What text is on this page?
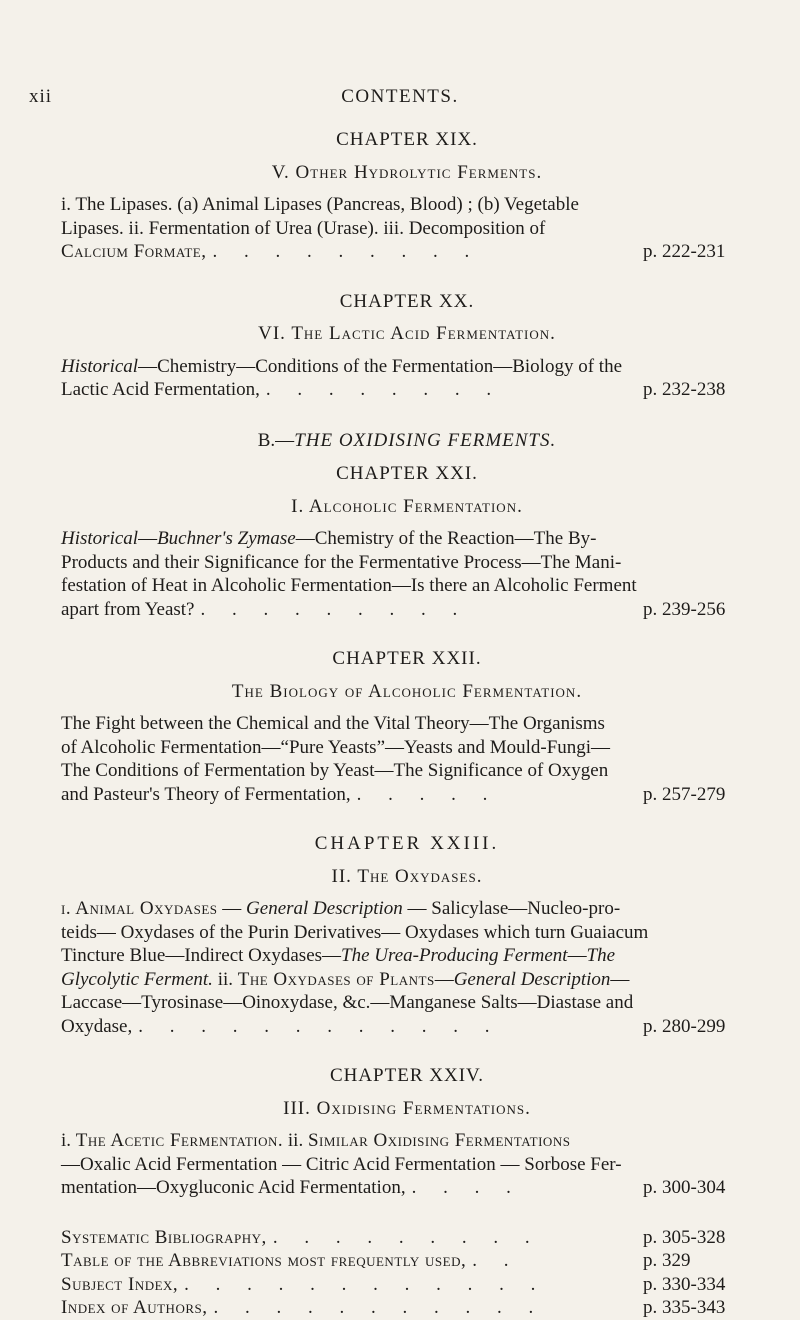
xii	CONTENTS.

CHAPTER XIX.

V. Other Hydrolytic Ferments.

i. The Lipases. (a) Animal Lipases (Pancreas, Blood) ; (b) Vegetable
Lipases. ii. Fermentation of Urea (Urase). iii. Decomposition of
Calcium Formate, . . . . . . . . .	p. 222-231

CHAPTER XX.

VI. The Lactic Acid Fermentation.

Historical—Chemistry—Conditions of the Fermentation—Biology of the
Lactic Acid Fermentation, . . . . . . . .	p. 232-238
B.—THE OXIDISING FERMENTS.

CHAPTER XXI.

I. Alcoholic Fermentation.

Historical—Buchner's Zymase—Chemistry of the Reaction—The By-
Products and their Significance for the Fermentative Process—The Mani-
festation of Heat in Alcoholic Fermentation—Is there an Alcoholic Ferment
apart from Yeast? . . . . . . . . .	p. 239-256

CHAPTER XXII.

The Biology of Alcoholic Fermentation.

The Fight between the Chemical and the Vital Theory—The Organisms
of Alcoholic Fermentation—“Pure Yeasts”—Yeasts and Mould-Fungi—
The Conditions of Fermentation by Yeast—The Significance of Oxygen
and Pasteur's Theory of Fermentation, . . . . .	p. 257-279

CHAPTER XXIII.

II. The Oxydases.

i. Animal Oxydases — General Description — Salicylase—Nucleo-pro-
teids— Oxydases of the Purin Derivatives— Oxydases which turn Guaiacum
Tincture Blue—Indirect Oxydases—The Urea-Producing Ferment—The
Glycolytic Ferment. ii. The Oxydases of Plants—General Description—
Laccase—Tyrosinase—Oinoxydase, &c.—Manganese Salts—Diastase and
Oxydase, . . . . . . . . . . . .	p. 280-299

CHAPTER XXIV.

III. Oxidising Fermentations.

i. The Acetic Fermentation. ii. Similar Oxidising Fermentations
—Oxalic Acid Fermentation — Citric Acid Fermentation — Sorbose Fer-
mentation—Oxygluconic Acid Fermentation, . . . .	p. 300-304
Systematic Bibliography, . . . . . . . . .	p. 305-328
Table of the Abbreviations most frequently used, . .	p. 329
Subject Index, . . . . . . . . . . . .	p. 330-334
Index of Authors, . . . . . . . . . . .	p. 335-343
